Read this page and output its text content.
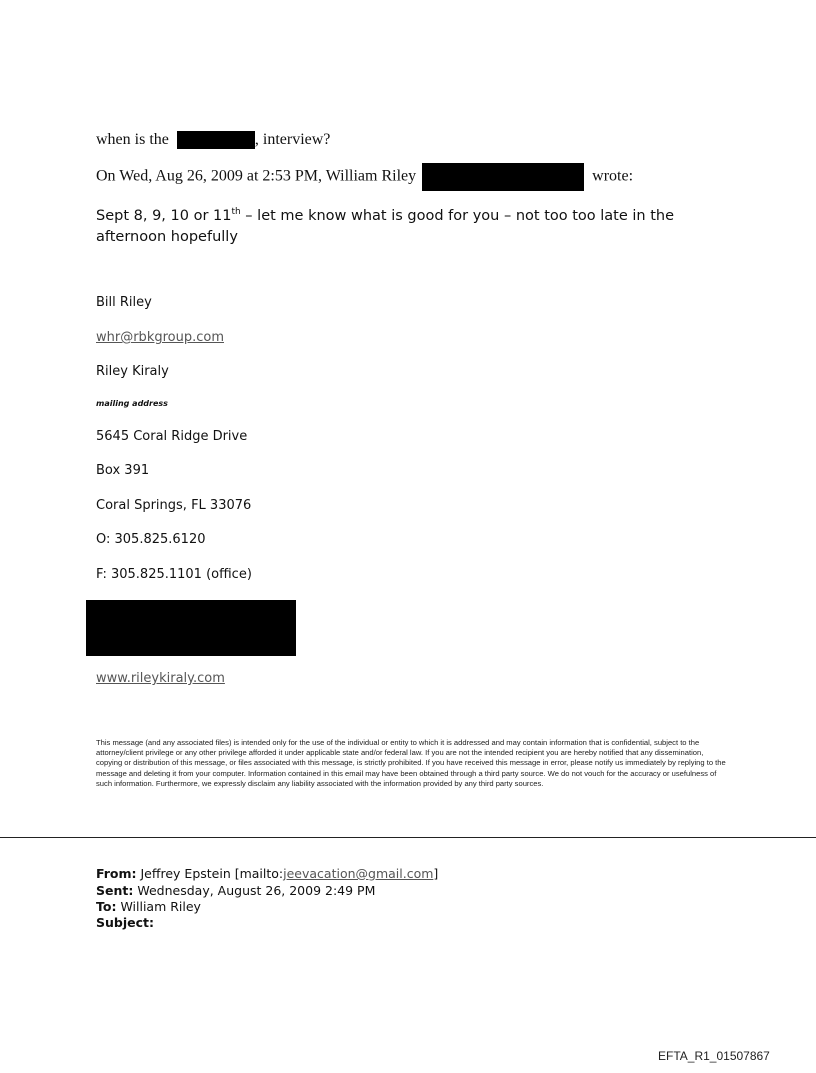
when is the	, interview?
On Wed, Aug 26, 2009 at 2:53 PM, William Riley	wrote:
Sept 8, 9, 10 or 11th – let me know what is good for you – not too too late in the afternoon hopefully
Bill Riley
whr@rbkgroup.com
Riley Kiraly
mailing address
5645 Coral Ridge Drive
Box 391
Coral Springs, FL 33076
O: 305.825.6120
F: 305.825.1101 (office)
www.rileykiraly.com
This message (and any associated files) is intended only for the use of the individual or entity to which it is addressed and may contain information that is confidential, subject to the attorney/client privilege or any other privilege afforded it under applicable state and/or federal law. If you are not the intended recipient you are hereby notified that any dissemination, copying or distribution of this message, or files associated with this message, is strictly prohibited. If you have received this message in error, please notify us immediately by replying to the message and deleting it from your computer. Information contained in this email may have been obtained through a third party source. We do not vouch for the accuracy or usefulness of such information. Furthermore, we expressly disclaim any liability associated with the information provided by any third party sources.
From: Jeffrey Epstein [mailto:jeevacation@gmail.com]
Sent: Wednesday, August 26, 2009 2:49 PM
To: William Riley
Subject:
EFTA_R1_01507867
